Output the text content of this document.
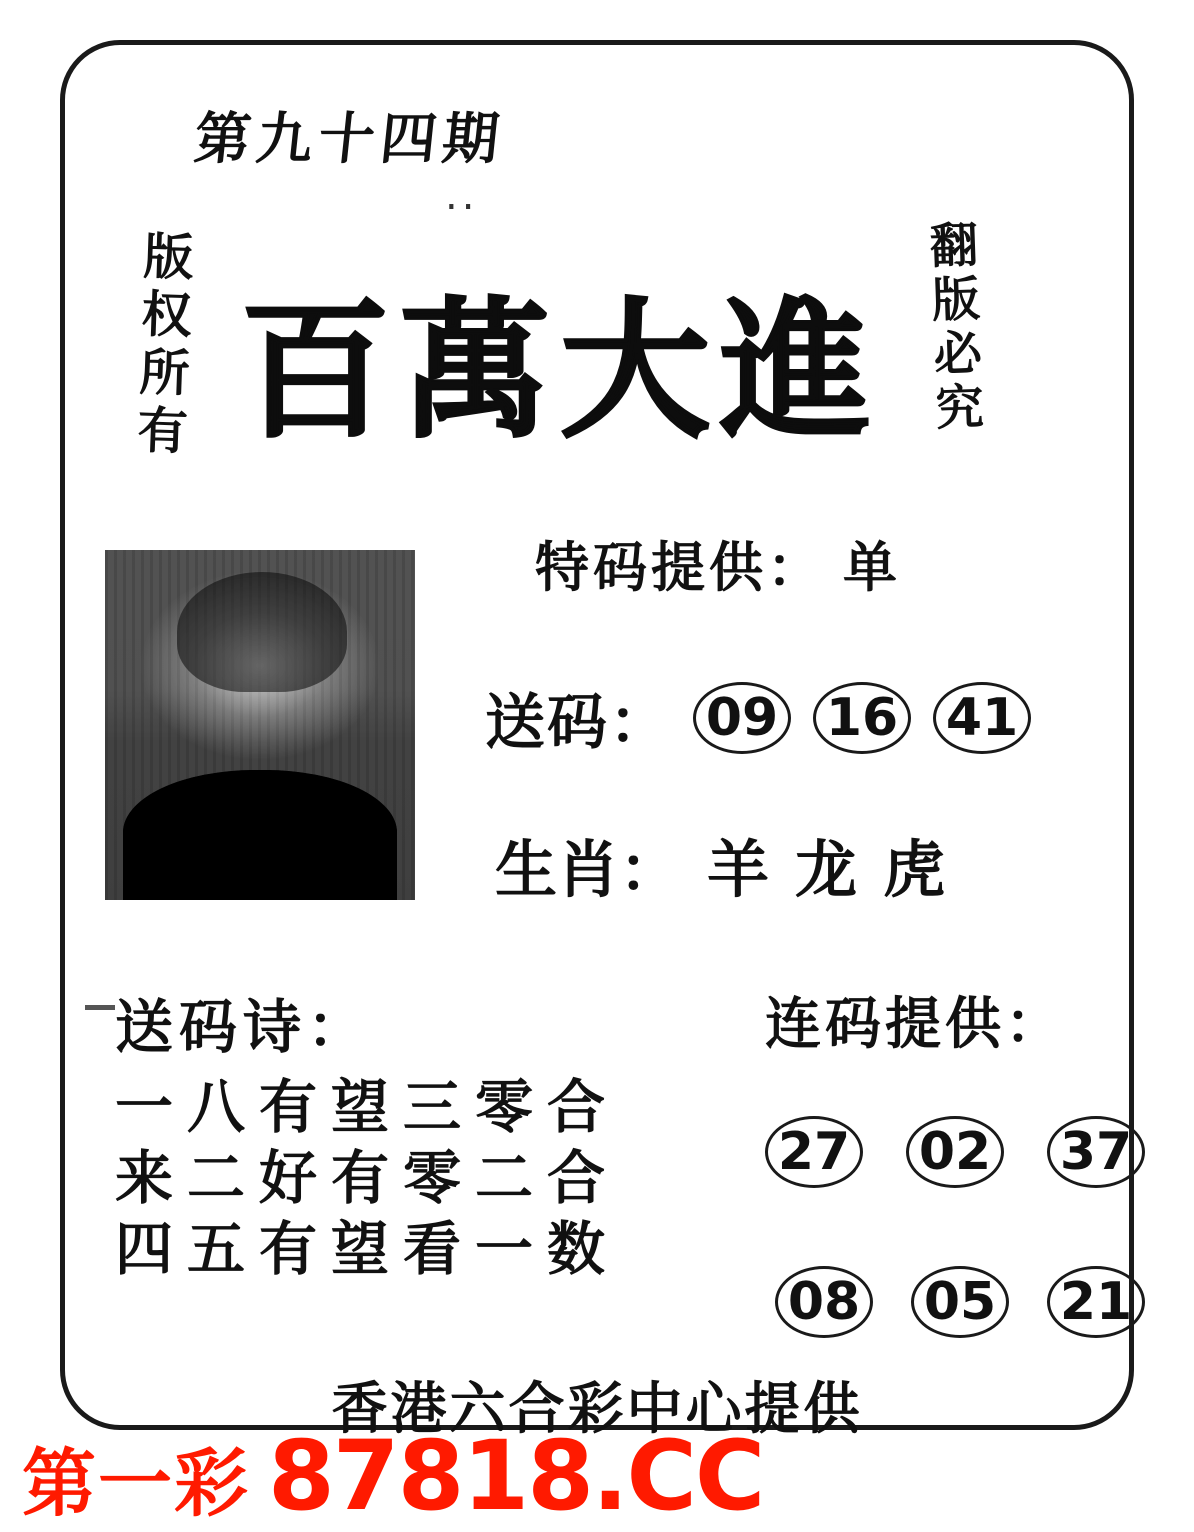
第九十四期
..
版权所有	翻版必究
百萬大進
特码提供： 单
送码： 09 16 41
生肖： 羊 龙 虎
送码诗：
一八有望三零合
来二好有零二合
四五有望看一数
连码提供：
27 02 37
08 05 21
香港六合彩中心提供
第一彩 87818.CC
